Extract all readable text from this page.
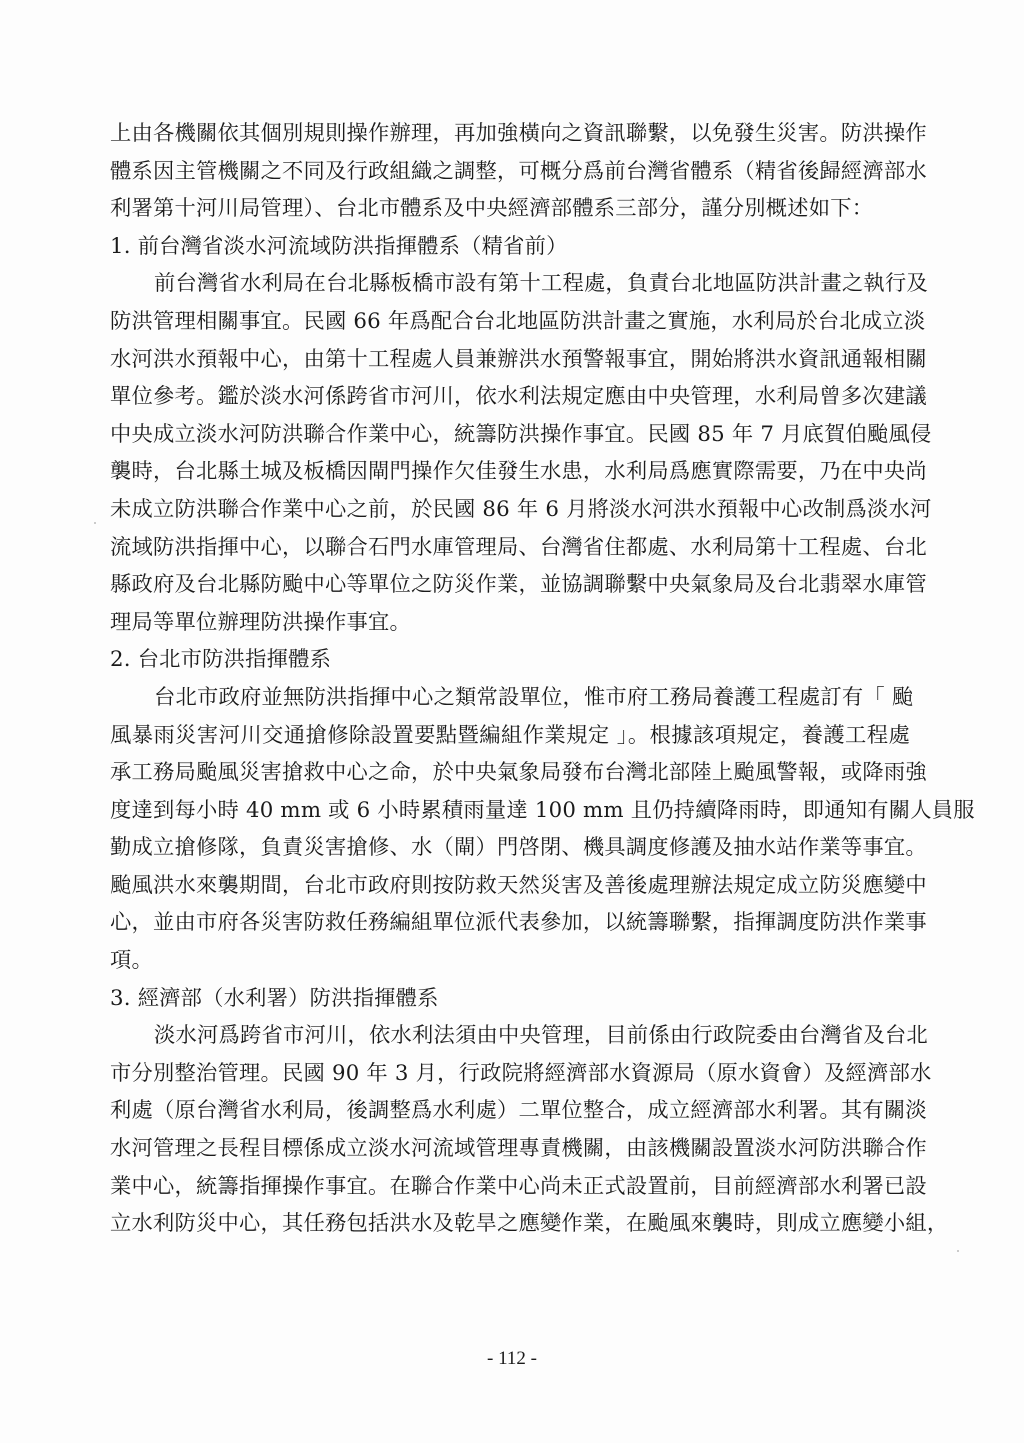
上由各機關依其個別規則操作辦理，再加強橫向之資訊聯繫，以免發生災害。防洪操作
體系因主管機關之不同及行政組織之調整，可概分爲前台灣省體系（精省後歸經濟部水
利署第十河川局管理）、台北市體系及中央經濟部體系三部分，謹分別概述如下：
1. 前台灣省淡水河流域防洪指揮體系（精省前）
前台灣省水利局在台北縣板橋市設有第十工程處，負責台北地區防洪計畫之執行及
防洪管理相關事宜。民國 66 年爲配合台北地區防洪計畫之實施，水利局於台北成立淡
水河洪水預報中心，由第十工程處人員兼辦洪水預警報事宜，開始將洪水資訊通報相關
單位參考。鑑於淡水河係跨省市河川，依水利法規定應由中央管理，水利局曾多次建議
中央成立淡水河防洪聯合作業中心，統籌防洪操作事宜。民國 85 年 7 月底賀伯颱風侵
襲時，台北縣土城及板橋因閘門操作欠佳發生水患，水利局爲應實際需要，乃在中央尚
未成立防洪聯合作業中心之前，於民國 86 年 6 月將淡水河洪水預報中心改制爲淡水河
流域防洪指揮中心，以聯合石門水庫管理局、台灣省住都處、水利局第十工程處、台北
縣政府及台北縣防颱中心等單位之防災作業，並協調聯繫中央氣象局及台北翡翠水庫管
理局等單位辦理防洪操作事宜。
2. 台北市防洪指揮體系
台北市政府並無防洪指揮中心之類常設單位，惟市府工務局養護工程處訂有「 颱
風暴雨災害河川交通搶修除設置要點暨編組作業規定 」。根據該項規定，養護工程處
承工務局颱風災害搶救中心之命，於中央氣象局發布台灣北部陸上颱風警報，或降雨強
度達到每小時 40 mm 或 6 小時累積雨量達 100 mm 且仍持續降雨時，即通知有關人員服
勤成立搶修隊，負責災害搶修、水（閘）門啓閉、機具調度修護及抽水站作業等事宜。
颱風洪水來襲期間，台北市政府則按防救天然災害及善後處理辦法規定成立防災應變中
心，並由市府各災害防救任務編組單位派代表參加，以統籌聯繫，指揮調度防洪作業事
項。
3. 經濟部（水利署）防洪指揮體系
淡水河爲跨省市河川，依水利法須由中央管理，目前係由行政院委由台灣省及台北
市分別整治管理。民國 90 年 3 月，行政院將經濟部水資源局（原水資會）及經濟部水
利處（原台灣省水利局，後調整爲水利處）二單位整合，成立經濟部水利署。其有關淡
水河管理之長程目標係成立淡水河流域管理專責機關，由該機關設置淡水河防洪聯合作
業中心，統籌指揮操作事宜。在聯合作業中心尚未正式設置前，目前經濟部水利署已設
立水利防災中心，其任務包括洪水及乾旱之應變作業，在颱風來襲時，則成立應變小組，
- 112 -
